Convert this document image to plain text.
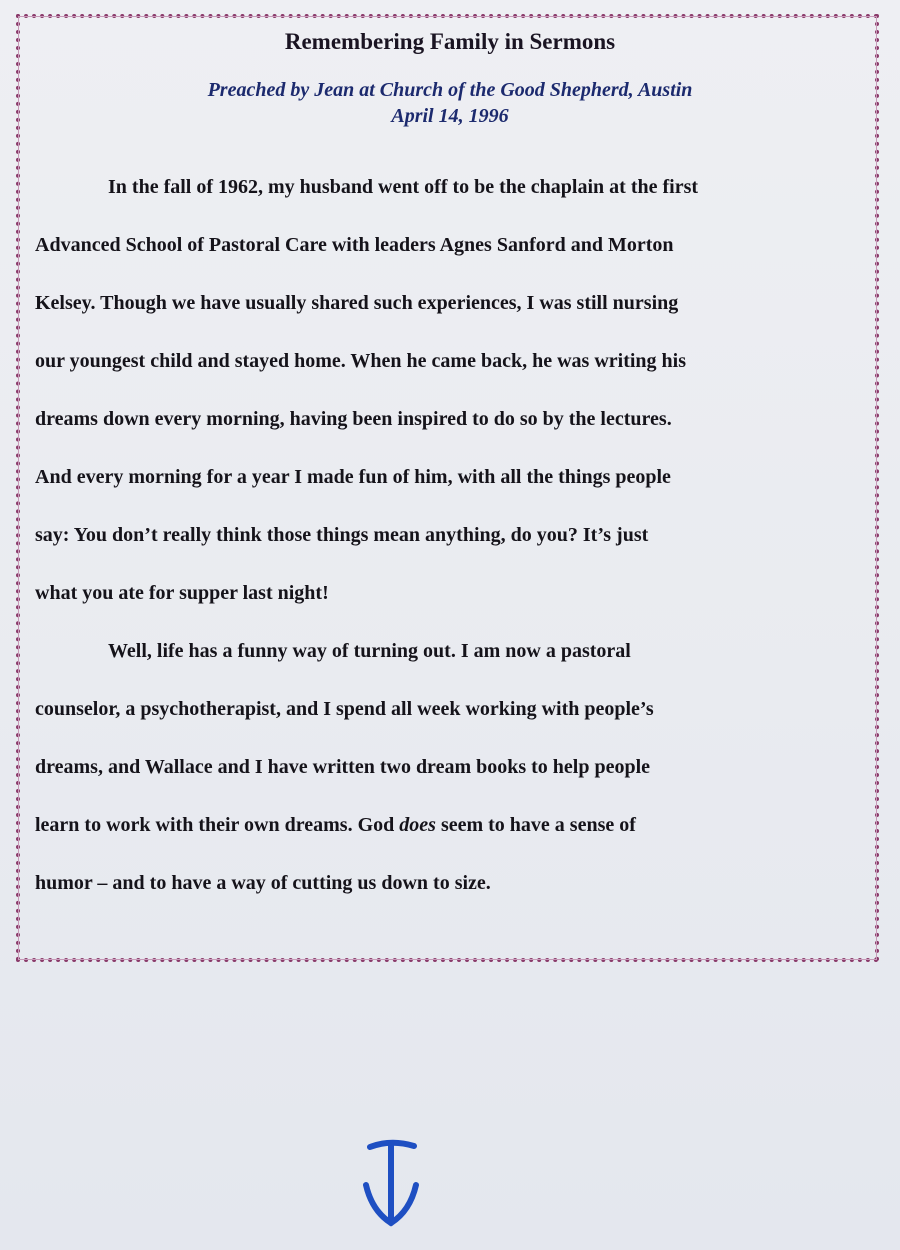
Remembering Family in Sermons
Preached by Jean at Church of the Good Shepherd, Austin
April 14, 1996
In the fall of 1962, my husband went off to be the chaplain at the first
Advanced School of Pastoral Care with leaders Agnes Sanford and Morton
Kelsey. Though we have usually shared such experiences, I was still nursing
our youngest child and stayed home. When he came back, he was writing his
dreams down every morning, having been inspired to do so by the lectures.
And every morning for a year I made fun of him, with all the things people
say: You don’t really think those things mean anything, do you? It’s just
what you ate for supper last night!
Well, life has a funny way of turning out. I am now a pastoral
counselor, a psychotherapist, and I spend all week working with people’s
dreams, and Wallace and I have written two dream books to help people
learn to work with their own dreams. God does seem to have a sense of
humor – and to have a way of cutting us down to size.
